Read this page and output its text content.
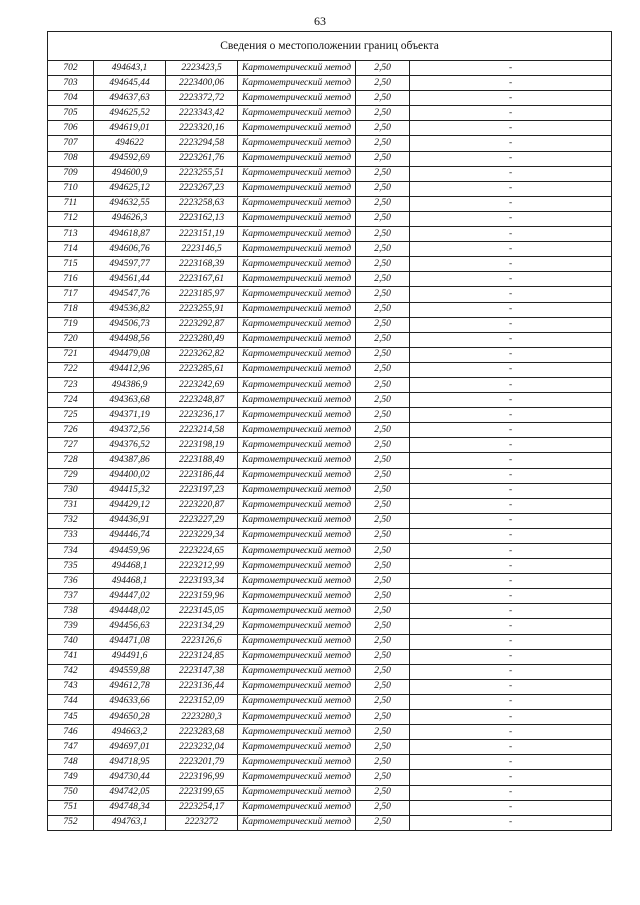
63
Сведения о местоположении границ объекта					
702	494643,1	2223423,5	Картометрический метод	2,50	-
703	494645,44	2223400,06	Картометрический метод	2,50	-
704	494637,63	2223372,72	Картометрический метод	2,50	-
705	494625,52	2223343,42	Картометрический метод	2,50	-
706	494619,01	2223320,16	Картометрический метод	2,50	-
707	494622	2223294,58	Картометрический метод	2,50	-
708	494592,69	2223261,76	Картометрический метод	2,50	-
709	494600,9	2223255,51	Картометрический метод	2,50	-
710	494625,12	2223267,23	Картометрический метод	2,50	-
711	494632,55	2223258,63	Картометрический метод	2,50	-
712	494626,3	2223162,13	Картометрический метод	2,50	-
713	494618,87	2223151,19	Картометрический метод	2,50	-
714	494606,76	2223146,5	Картометрический метод	2,50	-
715	494597,77	2223168,39	Картометрический метод	2,50	-
716	494561,44	2223167,61	Картометрический метод	2,50	-
717	494547,76	2223185,97	Картометрический метод	2,50	-
718	494536,82	2223255,91	Картометрический метод	2,50	-
719	494506,73	2223292,87	Картометрический метод	2,50	-
720	494498,56	2223280,49	Картометрический метод	2,50	-
721	494479,08	2223262,82	Картометрический метод	2,50	-
722	494412,96	2223285,61	Картометрический метод	2,50	-
723	494386,9	2223242,69	Картометрический метод	2,50	-
724	494363,68	2223248,87	Картометрический метод	2,50	-
725	494371,19	2223236,17	Картометрический метод	2,50	-
726	494372,56	2223214,58	Картометрический метод	2,50	-
727	494376,52	2223198,19	Картометрический метод	2,50	-
728	494387,86	2223188,49	Картометрический метод	2,50	-
729	494400,02	2223186,44	Картометрический метод	2,50	-
730	494415,32	2223197,23	Картометрический метод	2,50	-
731	494429,12	2223220,87	Картометрический метод	2,50	-
732	494436,91	2223227,29	Картометрический метод	2,50	-
733	494446,74	2223229,34	Картометрический метод	2,50	-
734	494459,96	2223224,65	Картометрический метод	2,50	-
735	494468,1	2223212,99	Картометрический метод	2,50	-
736	494468,1	2223193,34	Картометрический метод	2,50	-
737	494447,02	2223159,96	Картометрический метод	2,50	-
738	494448,02	2223145,05	Картометрический метод	2,50	-
739	494456,63	2223134,29	Картометрический метод	2,50	-
740	494471,08	2223126,6	Картометрический метод	2,50	-
741	494491,6	2223124,85	Картометрический метод	2,50	-
742	494559,88	2223147,38	Картометрический метод	2,50	-
743	494612,78	2223136,44	Картометрический метод	2,50	-
744	494633,66	2223152,09	Картометрический метод	2,50	-
745	494650,28	2223280,3	Картометрический метод	2,50	-
746	494663,2	2223283,68	Картометрический метод	2,50	-
747	494697,01	2223232,04	Картометрический метод	2,50	-
748	494718,95	2223201,79	Картометрический метод	2,50	-
749	494730,44	2223196,99	Картометрический метод	2,50	-
750	494742,05	2223199,65	Картометрический метод	2,50	-
751	494748,34	2223254,17	Картометрический метод	2,50	-
752	494763,1	2223272	Картометрический метод	2,50	-
